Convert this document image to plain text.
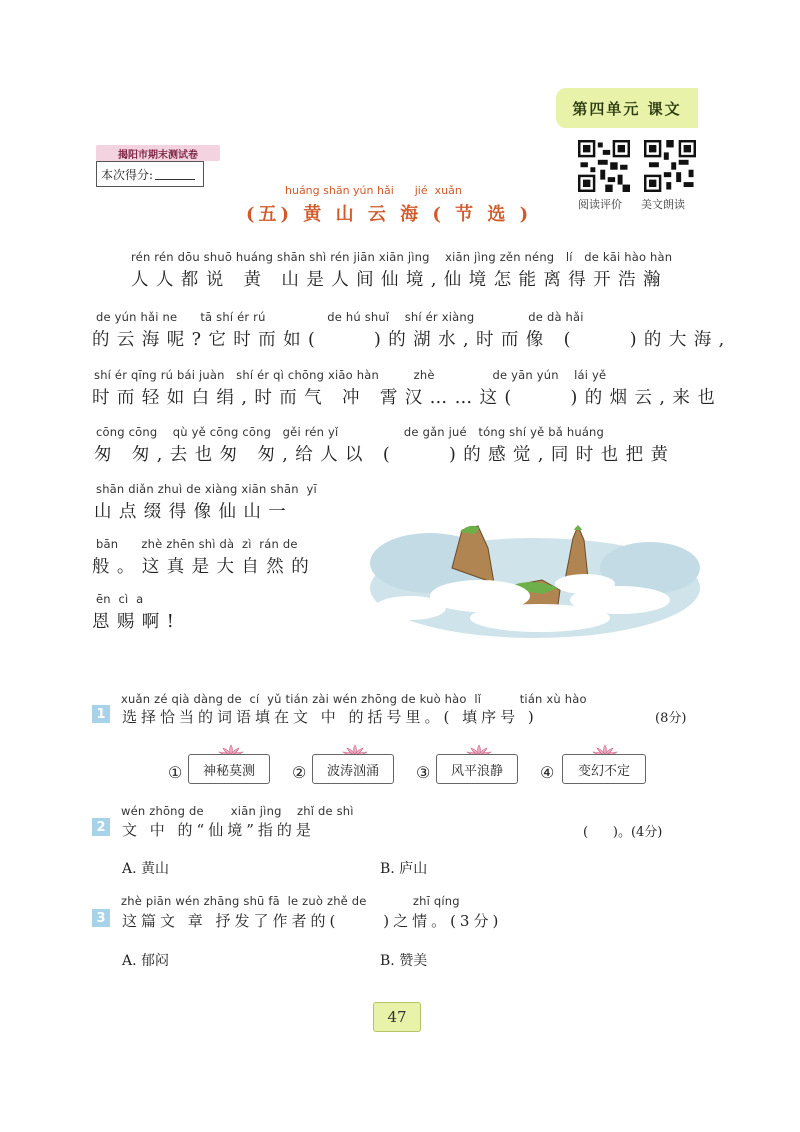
第四单元 课文
阅读评价 美文朗读
揭阳市期末测试卷
本次得分:
huáng shān yún hǎi      jié  xuǎn
(五) 黄 山 云 海 ( 节 选 )
rén rén dōu shuō huáng shān shì rén jiān xiān jìng    xiān jìng zěn néng   lí   de kāi hào hàn
人人都说 黄 山是人间仙境,仙境怎能离得开浩瀚
de yún hǎi ne      tā shí ér rú                de hú shuǐ    shí ér xiàng              de dà hǎi
的云海呢?它时而如(    )的湖水,时而像 (    )的大海,
shí ér qīng rú bái juàn   shí ér qì chōng xiāo hàn         zhè               de yān yún    lái yě
时而轻如白绢,时而气 冲 霄汉……这(    )的烟云,来也
cōng cōng    qù yě cōng cōng   gěi rén yǐ                 de gǎn jué   tóng shí yě bǎ huáng
匆 匆,去也匆 匆,给人以 (    )的感觉,同时也把黄
shān diǎn zhuì de xiàng xiān shān  yī
山点缀得像仙山一
bān      zhè zhēn shì dà  zì  rán de
般。这真是大自然的
ēn  cì  a
恩赐啊!
xuǎn zé qià dàng de  cí  yǔ tián zài wén zhōng de kuò hào  lǐ          tián xù hào
1 选择恰当的词语填在文 中 的括号里。( 填序号 )	(8分)
①	神秘莫测	②	波涛汹涌	③	风平浪静	④	变幻不定
wén zhōng de       xiān jìng    zhǐ de shì
2 文 中 的“仙境”指的是	(      )。(4分)
A. 黄山	B. 庐山
zhè piān wén zhāng shū fā  le zuò zhě de            zhī qíng
3 这篇文 章 抒发了作者的(     )之情。(3分)
A. 郁闷	B. 赞美
47
